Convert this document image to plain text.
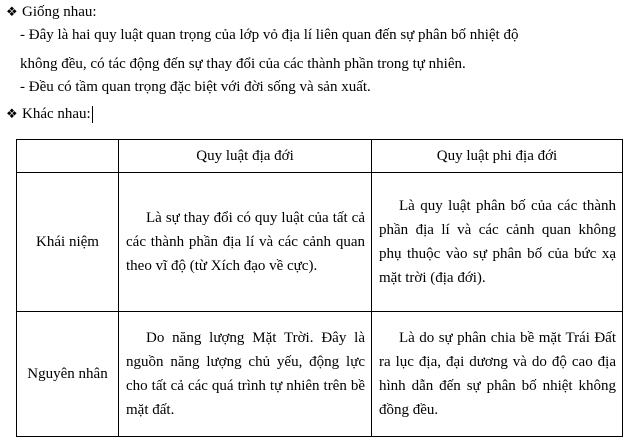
❖ Giống nhau:
- Đây là hai quy luật quan trọng của lớp vỏ địa lí liên quan đến sự phân bố nhiệt độ
không đều, có tác động đến sự thay đổi của các thành phần trong tự nhiên.
- Đều có tầm quan trọng đặc biệt với đời sống và sản xuất.
❖ Khác nhau:
	Quy luật địa đới	Quy luật phi địa đới
Khái niệm	Là sự thay đổi có quy luật của tất cả các thành phần địa lí và các cảnh quan theo vĩ độ (từ Xích đạo về cực).	Là quy luật phân bố của các thành phần địa lí và các cảnh quan không phụ thuộc vào sự phân bố của bức xạ mặt trời (địa đới).

Nguyên nhân	Do năng lượng Mặt Trời. Đây là nguồn năng lượng chủ yếu, động lực cho tất cả các quá trình tự nhiên trên bề mặt đất.	Là do sự phân chia bề mặt Trái Đất ra lục địa, đại dương và do độ cao địa hình dẫn đến sự phân bố nhiệt không đồng đều.
